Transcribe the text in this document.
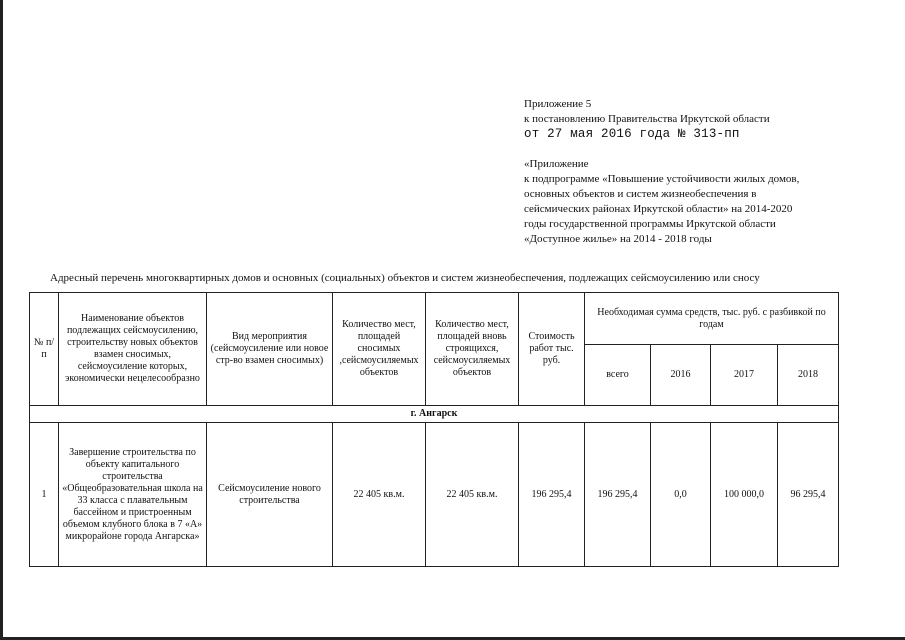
Приложение 5
к постановлению Правительства Иркутской области
от 27 мая 2016 года № 313-пп
«Приложение
к подпрограмме «Повышение устойчивости жилых домов,
основных объектов и систем жизнеобеспечения в
сейсмических районах Иркутской области» на 2014-2020
годы государственной программы Иркутской области
«Доступное жилье» на 2014 - 2018 годы
Адресный перечень многоквартирных домов и основных (социальных) объектов и систем жизнеобеспечения, подлежащих сейсмоусилению или сносу
№ п/п	Наименование объектов подлежащих сейсмоусилению, строительству новых объектов взамен сносимых, сейсмоусиление которых, экономически нецелесообразно	Вид мероприятия (сейсмоусиление или новое стр-во взамен сносимых)	Количество мест, площадей сносимых ,сейсмоусиляемых объектов	Количество мест, площадей вновь строящихся, сейсмоусиляемых объектов	Стоимость работ тыс. руб.	Необходимая сумма средств, тыс. руб. с разбивкой по годам			
						всего	2016	2017	2018
г. Ангарск									
1	Завершение строительства по объекту капитального строительства «Общеобразовательная школа на 33 класса с плавательным бассейном и пристроенным объемом клубного блока в 7 «А» микрорайоне города Ангарска»	Сейсмоусиление нового строительства	22 405 кв.м.	22 405 кв.м.	196 295,4	196 295,4	0,0	100 000,0	96 295,4
